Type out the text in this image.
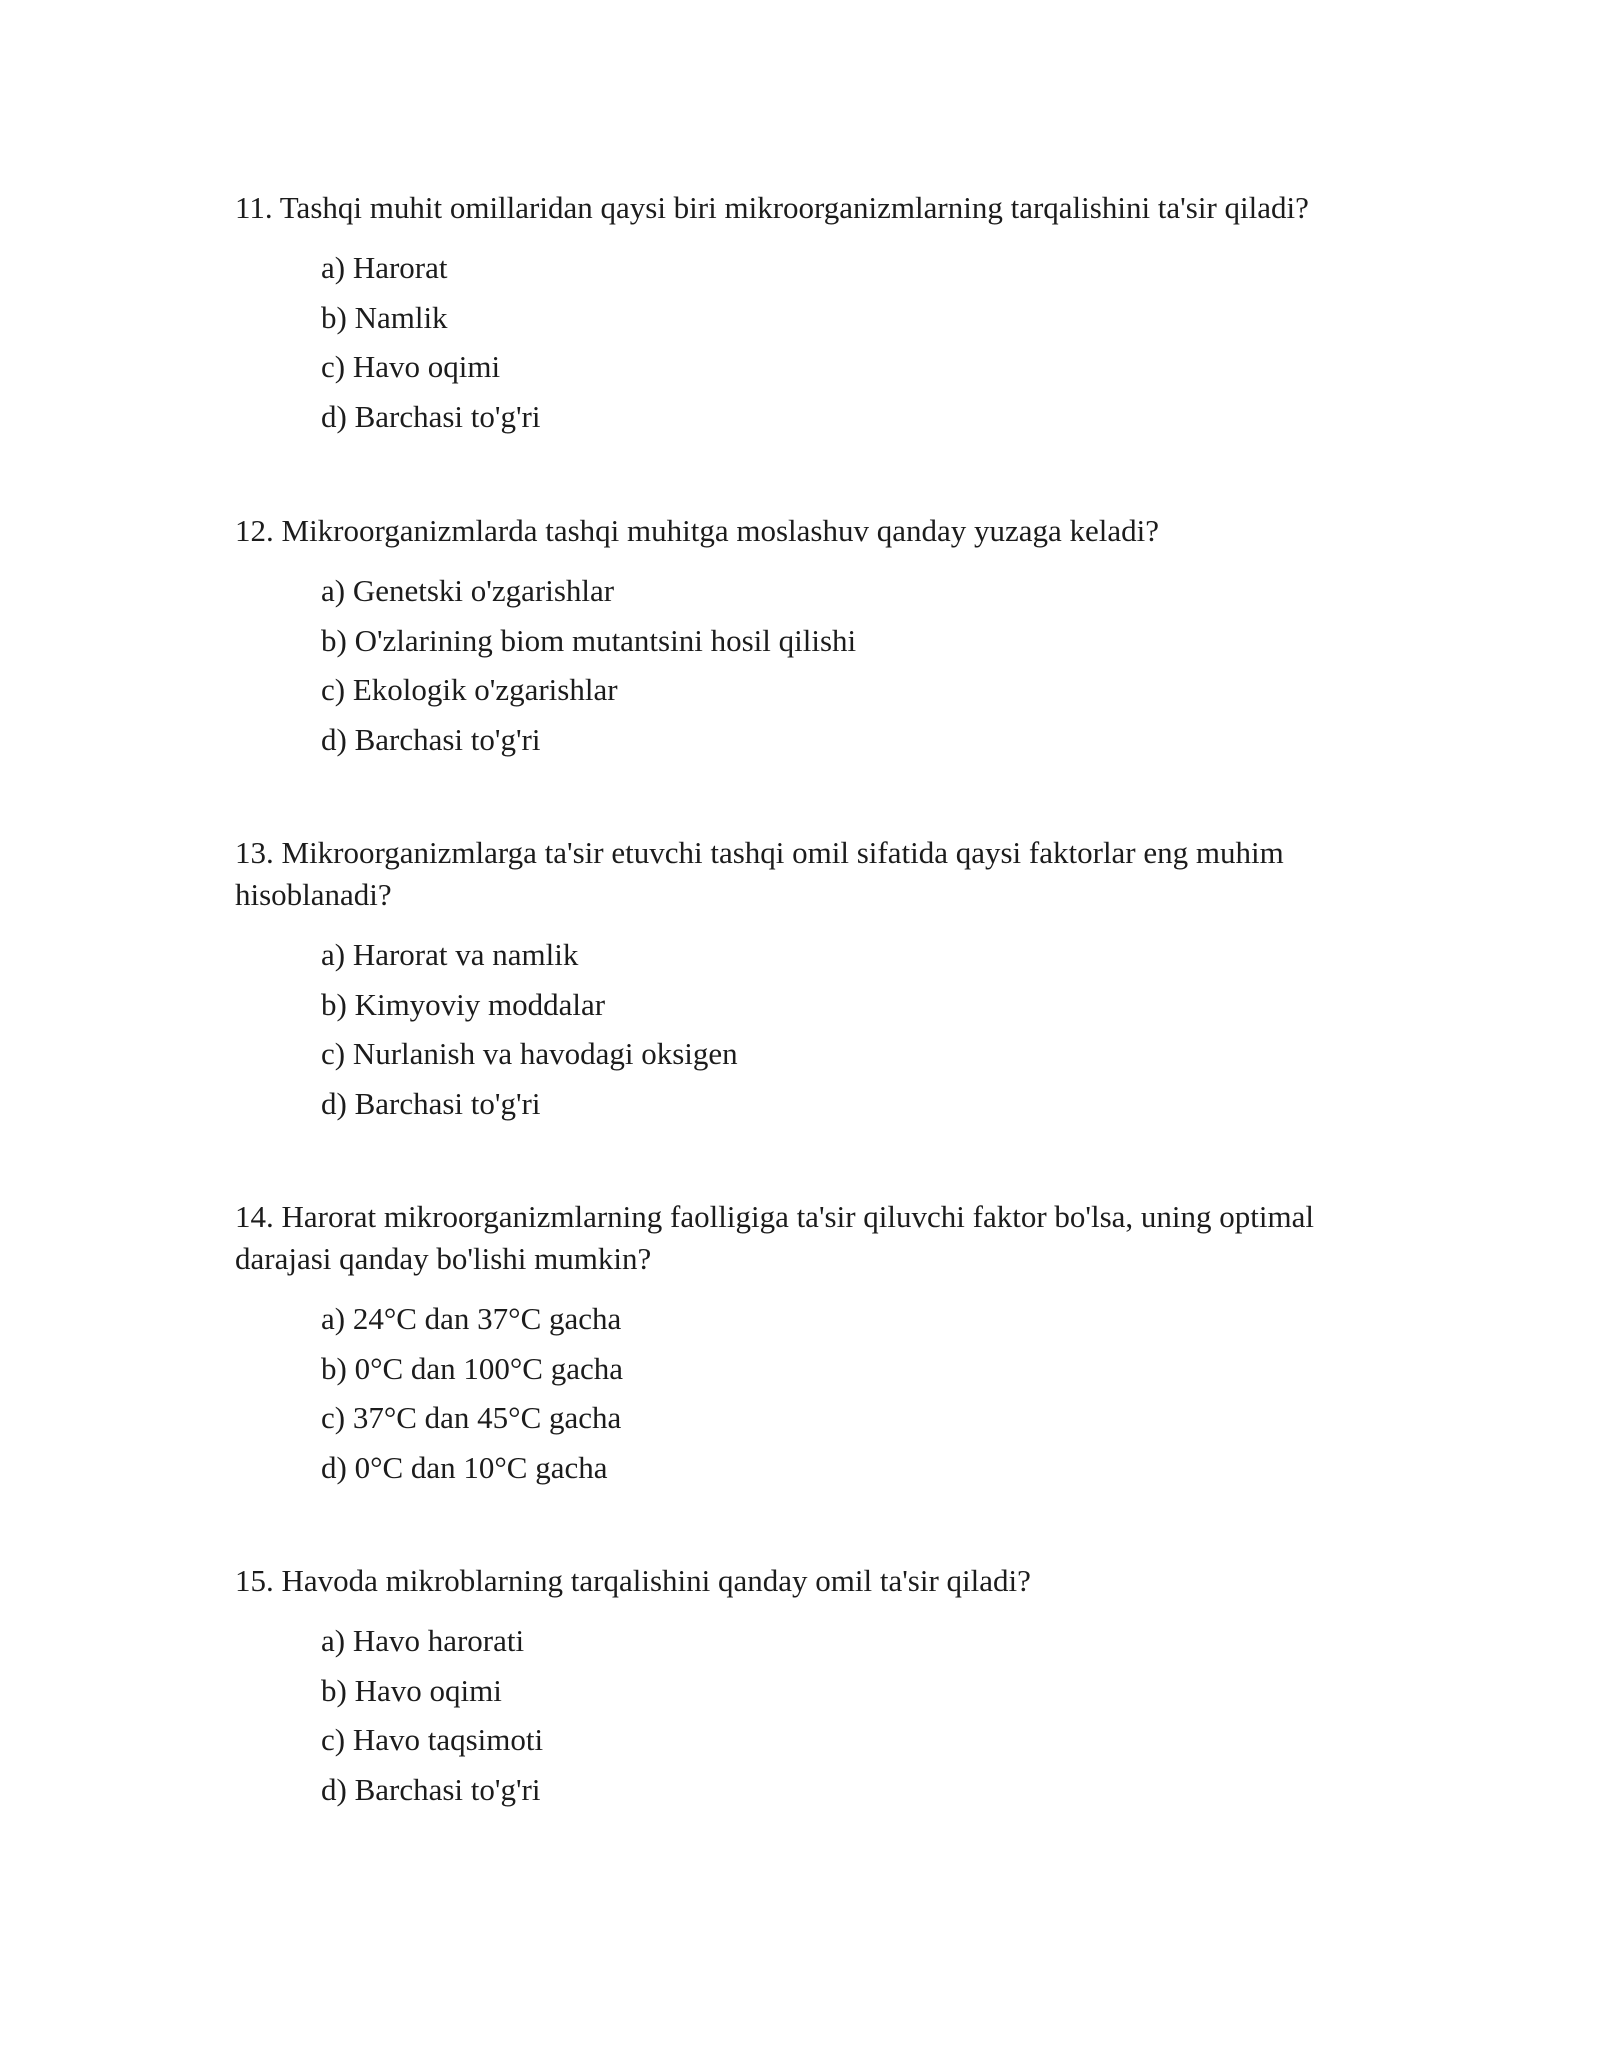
11. Tashqi muhit omillaridan qaysi biri mikroorganizmlarning tarqalishini ta'sir qiladi?

a) Harorat
b) Namlik
c) Havo oqimi
d) Barchasi to'g'ri

12. Mikroorganizmlarda tashqi muhitga moslashuv qanday yuzaga keladi?

a) Genetski o'zgarishlar
b) O'zlarining biom mutantsini hosil qilishi
c) Ekologik o'zgarishlar
d) Barchasi to'g'ri

13. Mikroorganizmlarga ta'sir etuvchi tashqi omil sifatida qaysi faktorlar eng muhim hisoblanadi?

a) Harorat va namlik
b) Kimyoviy moddalar
c) Nurlanish va havodagi oksigen
d) Barchasi to'g'ri

14. Harorat mikroorganizmlarning faolligiga ta'sir qiluvchi faktor bo'lsa, uning optimal darajasi qanday bo'lishi mumkin?

a) 24°C dan 37°C gacha
b) 0°C dan 100°C gacha
c) 37°C dan 45°C gacha
d) 0°C dan 10°C gacha

15. Havoda mikroblarning tarqalishini qanday omil ta'sir qiladi?

a) Havo harorati
b) Havo oqimi
c) Havo taqsimoti
d) Barchasi to'g'ri
